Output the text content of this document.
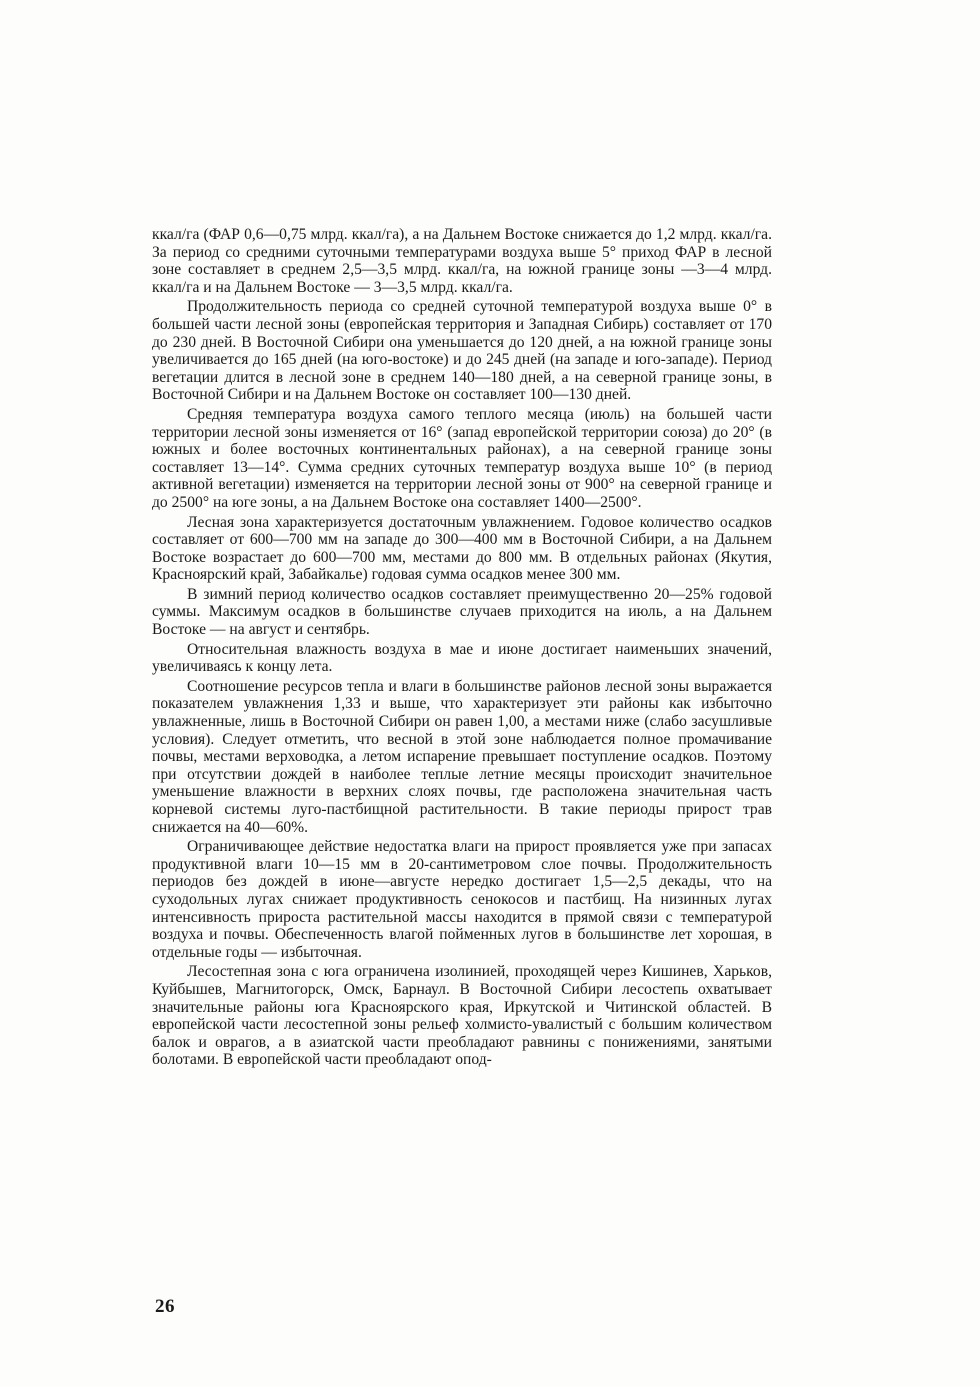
ккал/га (ФАР 0,6—0,75 млрд. ккал/га), а на Дальнем Востоке снижается до 1,2 млрд. ккал/га. За период со средними суточными температурами воздуха выше 5° приход ФАР в лесной зоне составляет в среднем 2,5—3,5 млрд. ккал/га, на южной границе зоны —3—4 млрд. ккал/га и на Дальнем Востоке — 3—3,5 млрд. ккал/га.

Продолжительность периода со средней суточной температурой воздуха выше 0° в большей части лесной зоны (европейская территория и Западная Сибирь) составляет от 170 до 230 дней. В Восточной Сибири она уменьшается до 120 дней, а на южной границе зоны увеличивается до 165 дней (на юго-востоке) и до 245 дней (на западе и юго-западе). Период вегетации длится в лесной зоне в среднем 140—180 дней, а на северной границе зоны, в Восточной Сибири и на Дальнем Востоке он составляет 100—130 дней.

Средняя температура воздуха самого теплого месяца (июль) на большей части территории лесной зоны изменяется от 16° (запад европейской территории союза) до 20° (в южных и более восточных континентальных районах), а на северной границе зоны составляет 13—14°. Сумма средних суточных температур воздуха выше 10° (в период активной вегетации) изменяется на территории лесной зоны от 900° на северной границе и до 2500° на юге зоны, а на Дальнем Востоке она составляет 1400—2500°.

Лесная зона характеризуется достаточным увлажнением. Годовое количество осадков составляет от 600—700 мм на западе до 300—400 мм в Восточной Сибири, а на Дальнем Востоке возрастает до 600—700 мм, местами до 800 мм. В отдельных районах (Якутия, Красноярский край, Забайкалье) годовая сумма осадков менее 300 мм.

В зимний период количество осадков составляет преимущественно 20—25% годовой суммы. Максимум осадков в большинстве случаев приходится на июль, а на Дальнем Востоке — на август и сентябрь.

Относительная влажность воздуха в мае и июне достигает наименьших значений, увеличиваясь к концу лета.

Соотношение ресурсов тепла и влаги в большинстве районов лесной зоны выражается показателем увлажнения 1,33 и выше, что характеризует эти районы как избыточно увлажненные, лишь в Восточной Сибири он равен 1,00, а местами ниже (слабо засушливые условия). Следует отметить, что весной в этой зоне наблюдается полное промачивание почвы, местами верховодка, а летом испарение превышает поступление осадков. Поэтому при отсутствии дождей в наиболее теплые летние месяцы происходит значительное уменьшение влажности в верхних слоях почвы, где расположена значительная часть корневой системы луго-пастбищной растительности. В такие периоды прирост трав снижается на 40—60%.

Ограничивающее действие недостатка влаги на прирост проявляется уже при запасах продуктивной влаги 10—15 мм в 20-сантиметровом слое почвы. Продолжительность периодов без дождей в июне—августе нередко достигает 1,5—2,5 декады, что на суходольных лугах снижает продуктивность сенокосов и пастбищ. На низинных лугах интенсивность прироста растительной массы находится в прямой связи с температурой воздуха и почвы. Обеспеченность влагой пойменных лугов в большинстве лет хорошая, в отдельные годы — избыточная.

Лесостепная зона с юга ограничена изолинией, проходящей через Кишинев, Харьков, Куйбышев, Магнитогорск, Омск, Барнаул. В Восточной Сибири лесостепь охватывает значительные районы юга Красноярского края, Иркутской и Читинской областей. В европейской части лесостепной зоны рельеф холмисто-увалистый с большим количеством балок и оврагов, а в азиатской части преобладают равнины с понижениями, занятыми болотами. В европейской части преобладают опод-

26
